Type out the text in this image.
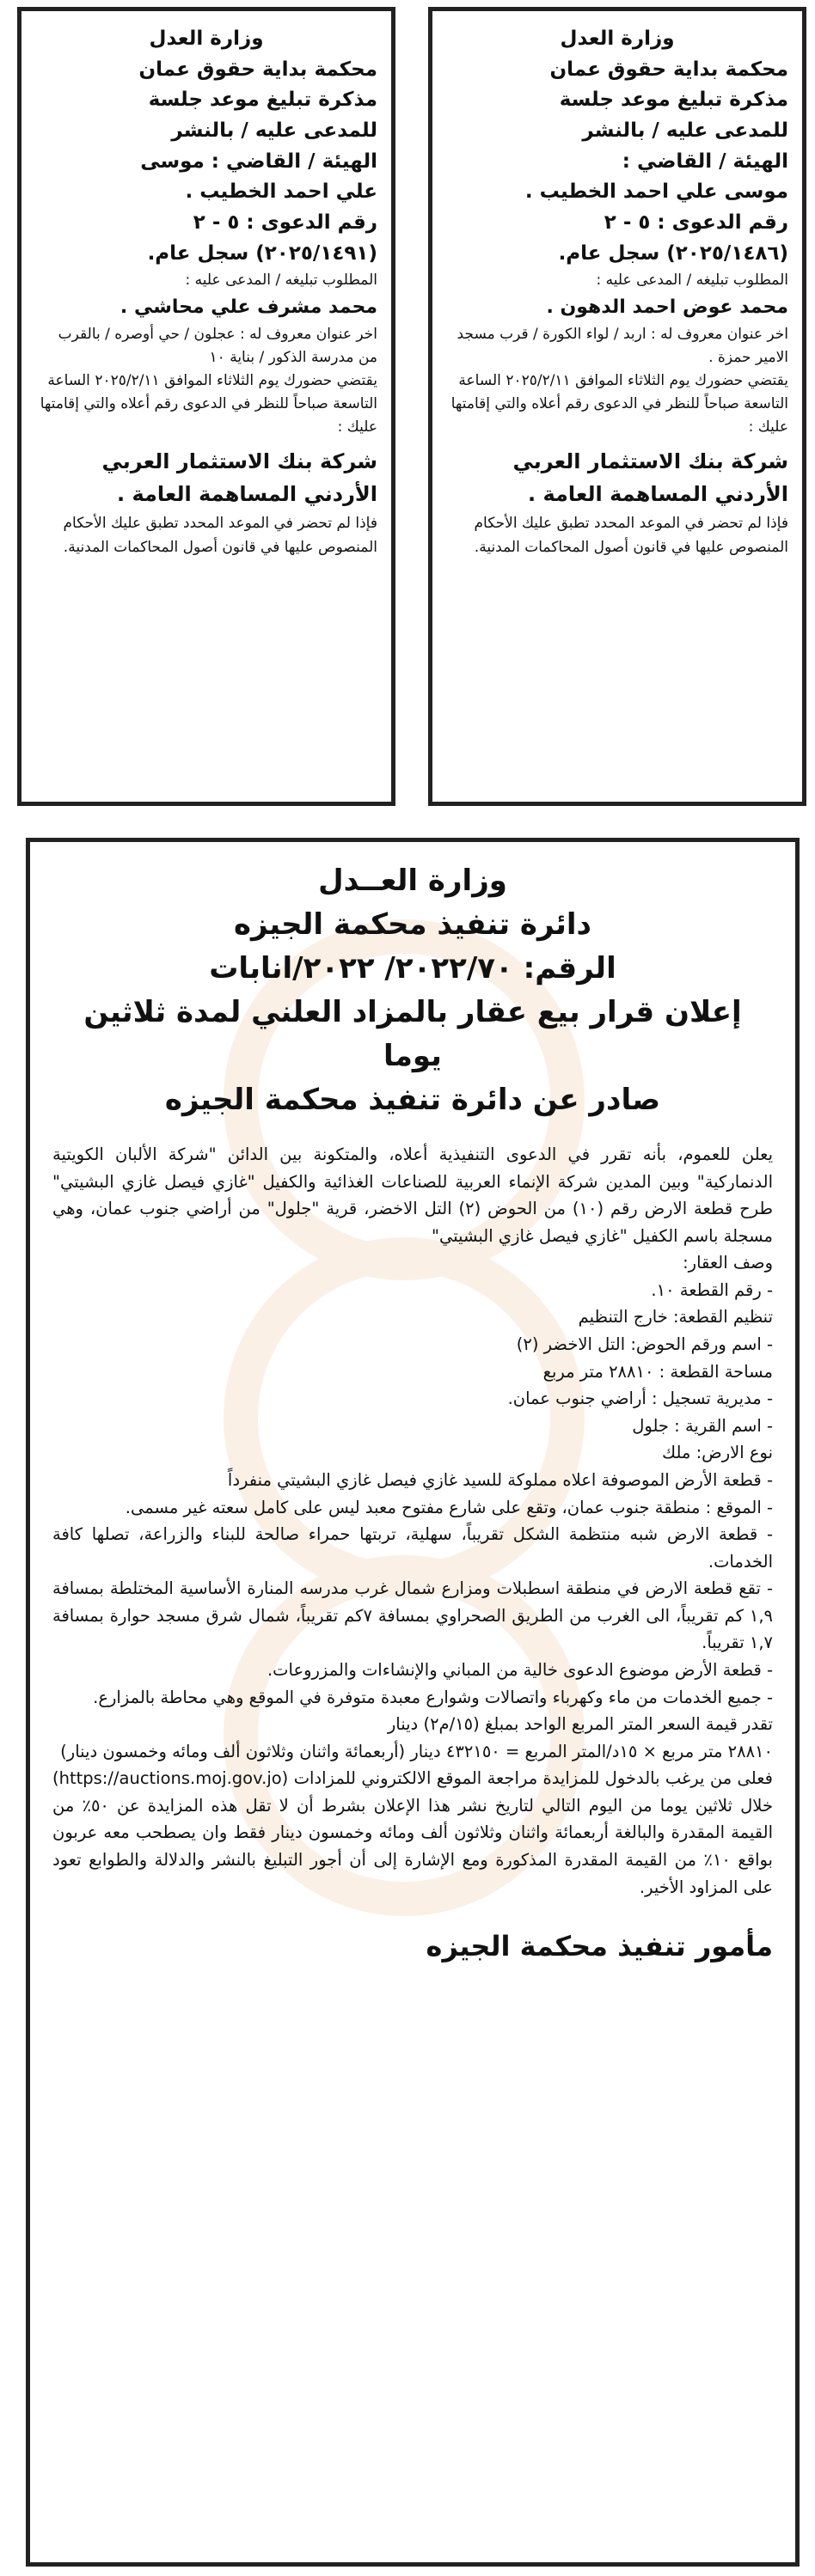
وزارة العدل

محكمة بداية حقوق عمان

مذكرة تبليغ موعد جلسة

للمدعى عليه / بالنشر

الهيئة / القاضي :

موسى علي احمد الخطيب .

رقم الدعوى : ٥ - ٢

(٢٠٢٥/١٤٨٦) سجل عام.

المطلوب تبليغه / المدعى عليه :

محمد عوض احمد الدهون .

اخر عنوان معروف له : اربد / لواء الكورة / قرب مسجد الامير حمزة .

يقتضي حضورك يوم الثلاثاء الموافق ٢٠٢٥/٢/١١ الساعة التاسعة صباحاً للنظر في الدعوى رقم أعلاه والتي إقامتها عليك :

شركة بنك الاستثمار العربي الأردني المساهمة العامة .

فإذا لم تحضر في الموعد المحدد تطبق عليك الأحكام المنصوص عليها في قانون أصول المحاكمات المدنية.

وزارة العدل

محكمة بداية حقوق عمان

مذكرة تبليغ موعد جلسة

للمدعى عليه / بالنشر

الهيئة / القاضي : موسى

علي احمد الخطيب .

رقم الدعوى : ٥ - ٢

(٢٠٢٥/١٤٩١) سجل عام.

المطلوب تبليغه / المدعى عليه :

محمد مشرف علي محاشي .

اخر عنوان معروف له : عجلون / حي أوصره / بالقرب من مدرسة الذكور / بناية ١٠

يقتضي حضورك يوم الثلاثاء الموافق ٢٠٢٥/٢/١١ الساعة التاسعة صباحاً للنظر في الدعوى رقم أعلاه والتي إقامتها عليك :

شركة بنك الاستثمار العربي الأردني المساهمة العامة .

فإذا لم تحضر في الموعد المحدد تطبق عليك الأحكام المنصوص عليها في قانون أصول المحاكمات المدنية.

وزارة العــدل

دائرة تنفيذ محكمة الجيزه

الرقم: ٢٠٢٢/٧٠/ ٢٠٢٢/انابات

إعلان قرار بيع عقار بالمزاد العلني لمدة ثلاثين يوما

صادر عن دائرة تنفيذ محكمة الجيزه

يعلن للعموم، بأنه تقرر في الدعوى التنفيذية أعلاه، والمتكونة بين الدائن "شركة الألبان الكويتية الدنماركية" وبين المدين شركة الإنماء العربية للصناعات الغذائية والكفيل "غازي فيصل غازي البشيتي" طرح قطعة الارض رقم (١٠) من الحوض (٢) التل الاخضر، قرية "جلول" من أراضي جنوب عمان، وهي مسجلة باسم الكفيل "غازي فيصل غازي البشيتي"

وصف العقار:

- رقم القطعة ١٠.

تنظيم القطعة: خارج التنظيم

- اسم ورقم الحوض: التل الاخضر (٢)

مساحة القطعة : ٢٨٨١٠ متر مربع

- مديرية تسجيل : أراضي جنوب عمان.

- اسم القرية : جلول

نوع الارض: ملك

- قطعة الأرض الموصوفة اعلاه مملوكة للسيد غازي فيصل غازي البشيتي منفرداً

- الموقع : منطقة جنوب عمان، وتقع على شارع مفتوح معبد ليس على كامل سعته غير مسمى.

- قطعة الارض شبه منتظمة الشكل تقريباً، سهلية، تربتها حمراء صالحة للبناء والزراعة، تصلها كافة الخدمات.

- تقع قطعة الارض في منطقة اسطبلات ومزارع شمال غرب مدرسه المنارة الأساسية المختلطة بمسافة ١,٩ كم تقريباً، الى الغرب من الطريق الصحراوي بمسافة ٧كم تقريباً، شمال شرق مسجد حوارة بمسافة ١,٧ تقريباً.

- قطعة الأرض موضوع الدعوى خالية من المباني والإنشاءات والمزروعات.

- جميع الخدمات من ماء وكهرباء واتصالات وشوارع معبدة متوفرة في الموقع وهي محاطة بالمزارع.

تقدر قيمة السعر المتر المربع الواحد بمبلغ (١٥/م٢) دينار

٢٨٨١٠ متر مربع × ١٥د/المتر المربع = ٤٣٢١٥٠ دينار (أربعمائة واثنان وثلاثون ألف ومائه وخمسون دينار)

فعلى من يرغب بالدخول للمزايدة مراجعة الموقع الالكتروني للمزادات (https://auctions.moj.gov.jo) خلال ثلاثين يوما من اليوم التالي لتاريخ نشر هذا الإعلان بشرط أن لا تقل هذه المزايدة عن ٥٠٪ من القيمة المقدرة والبالغة أربعمائة واثنان وثلاثون ألف ومائه وخمسون دينار فقط وان يصطحب معه عربون بواقع ١٠٪ من القيمة المقدرة المذكورة ومع الإشارة إلى أن أجور التبليغ بالنشر والدلالة والطوابع تعود على المزاود الأخير.

مأمور تنفيذ محكمة الجيزه
